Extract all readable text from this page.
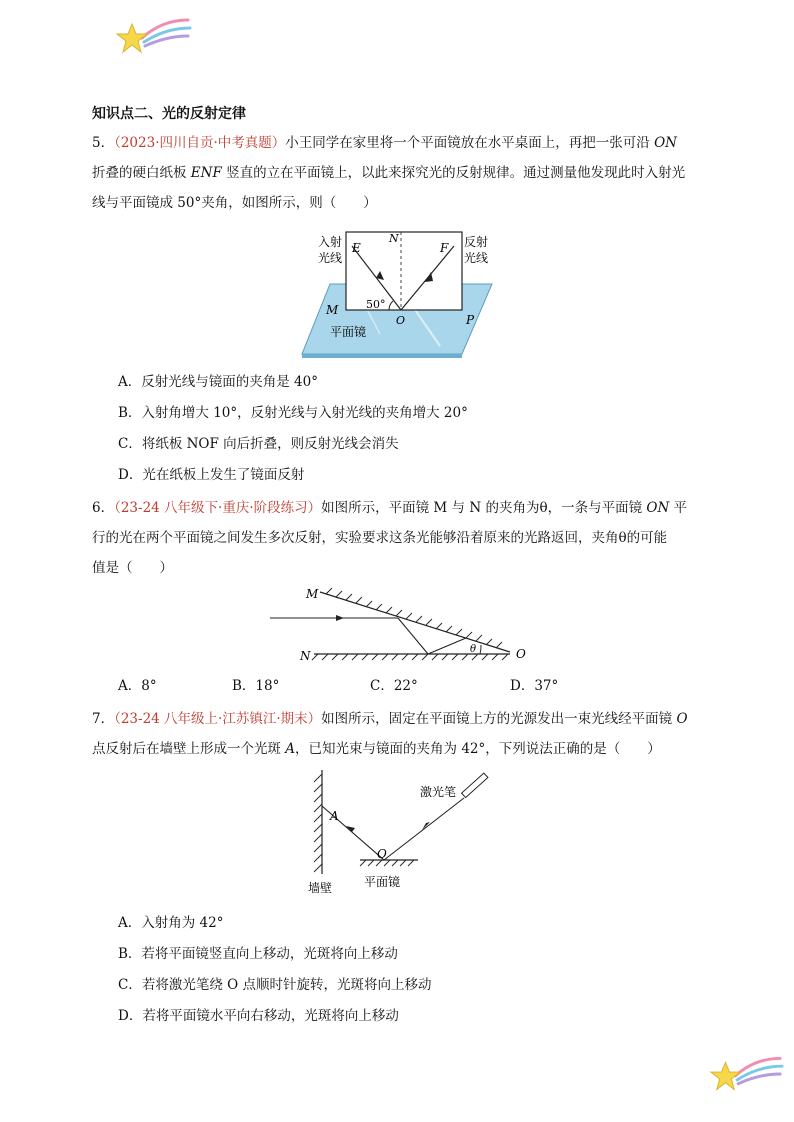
知识点二、光的反射定律
5．（2023·四川自贡·中考真题）小王同学在家里将一个平面镜放在水平桌面上，再把一张可沿 ON
折叠的硬白纸板 ENF 竖直的立在平面镜上，以此来探究光的反射规律。通过测量他发现此时入射光
线与平面镜成 50°夹角，如图所示，则（　　）
入射
光线
反射
光线
E
N
F
M
O	P
50°
平面镜
A．反射光线与镜面的夹角是 40°
B．入射角增大 10°，反射光线与入射光线的夹角增大 20°
C．将纸板 NOF 向后折叠，则反射光线会消失
D．光在纸板上发生了镜面反射
6．（23-24 八年级下·重庆·阶段练习）如图所示，平面镜 M 与 N 的夹角为θ，一条与平面镜 ON 平
行的光在两个平面镜之间发生多次反射，实验要求这条光能够沿着原来的光路返回，夹角θ的可能
值是（　　）
M
N	O
θ
A．8°	B．18°	C．22°	D．37°
7．（23-24 八年级上·江苏镇江·期末）如图所示，固定在平面镜上方的光源发出一束光线经平面镜 O
点反射后在墙壁上形成一个光斑 A，已知光束与镜面的夹角为 42°，下列说法正确的是（　　）
激光笔
A
O
墙壁	平面镜
A．入射角为 42°
B．若将平面镜竖直向上移动，光斑将向上移动
C．若将激光笔绕 O 点顺时针旋转，光斑将向上移动
D．若将平面镜水平向右移动，光斑将向上移动
